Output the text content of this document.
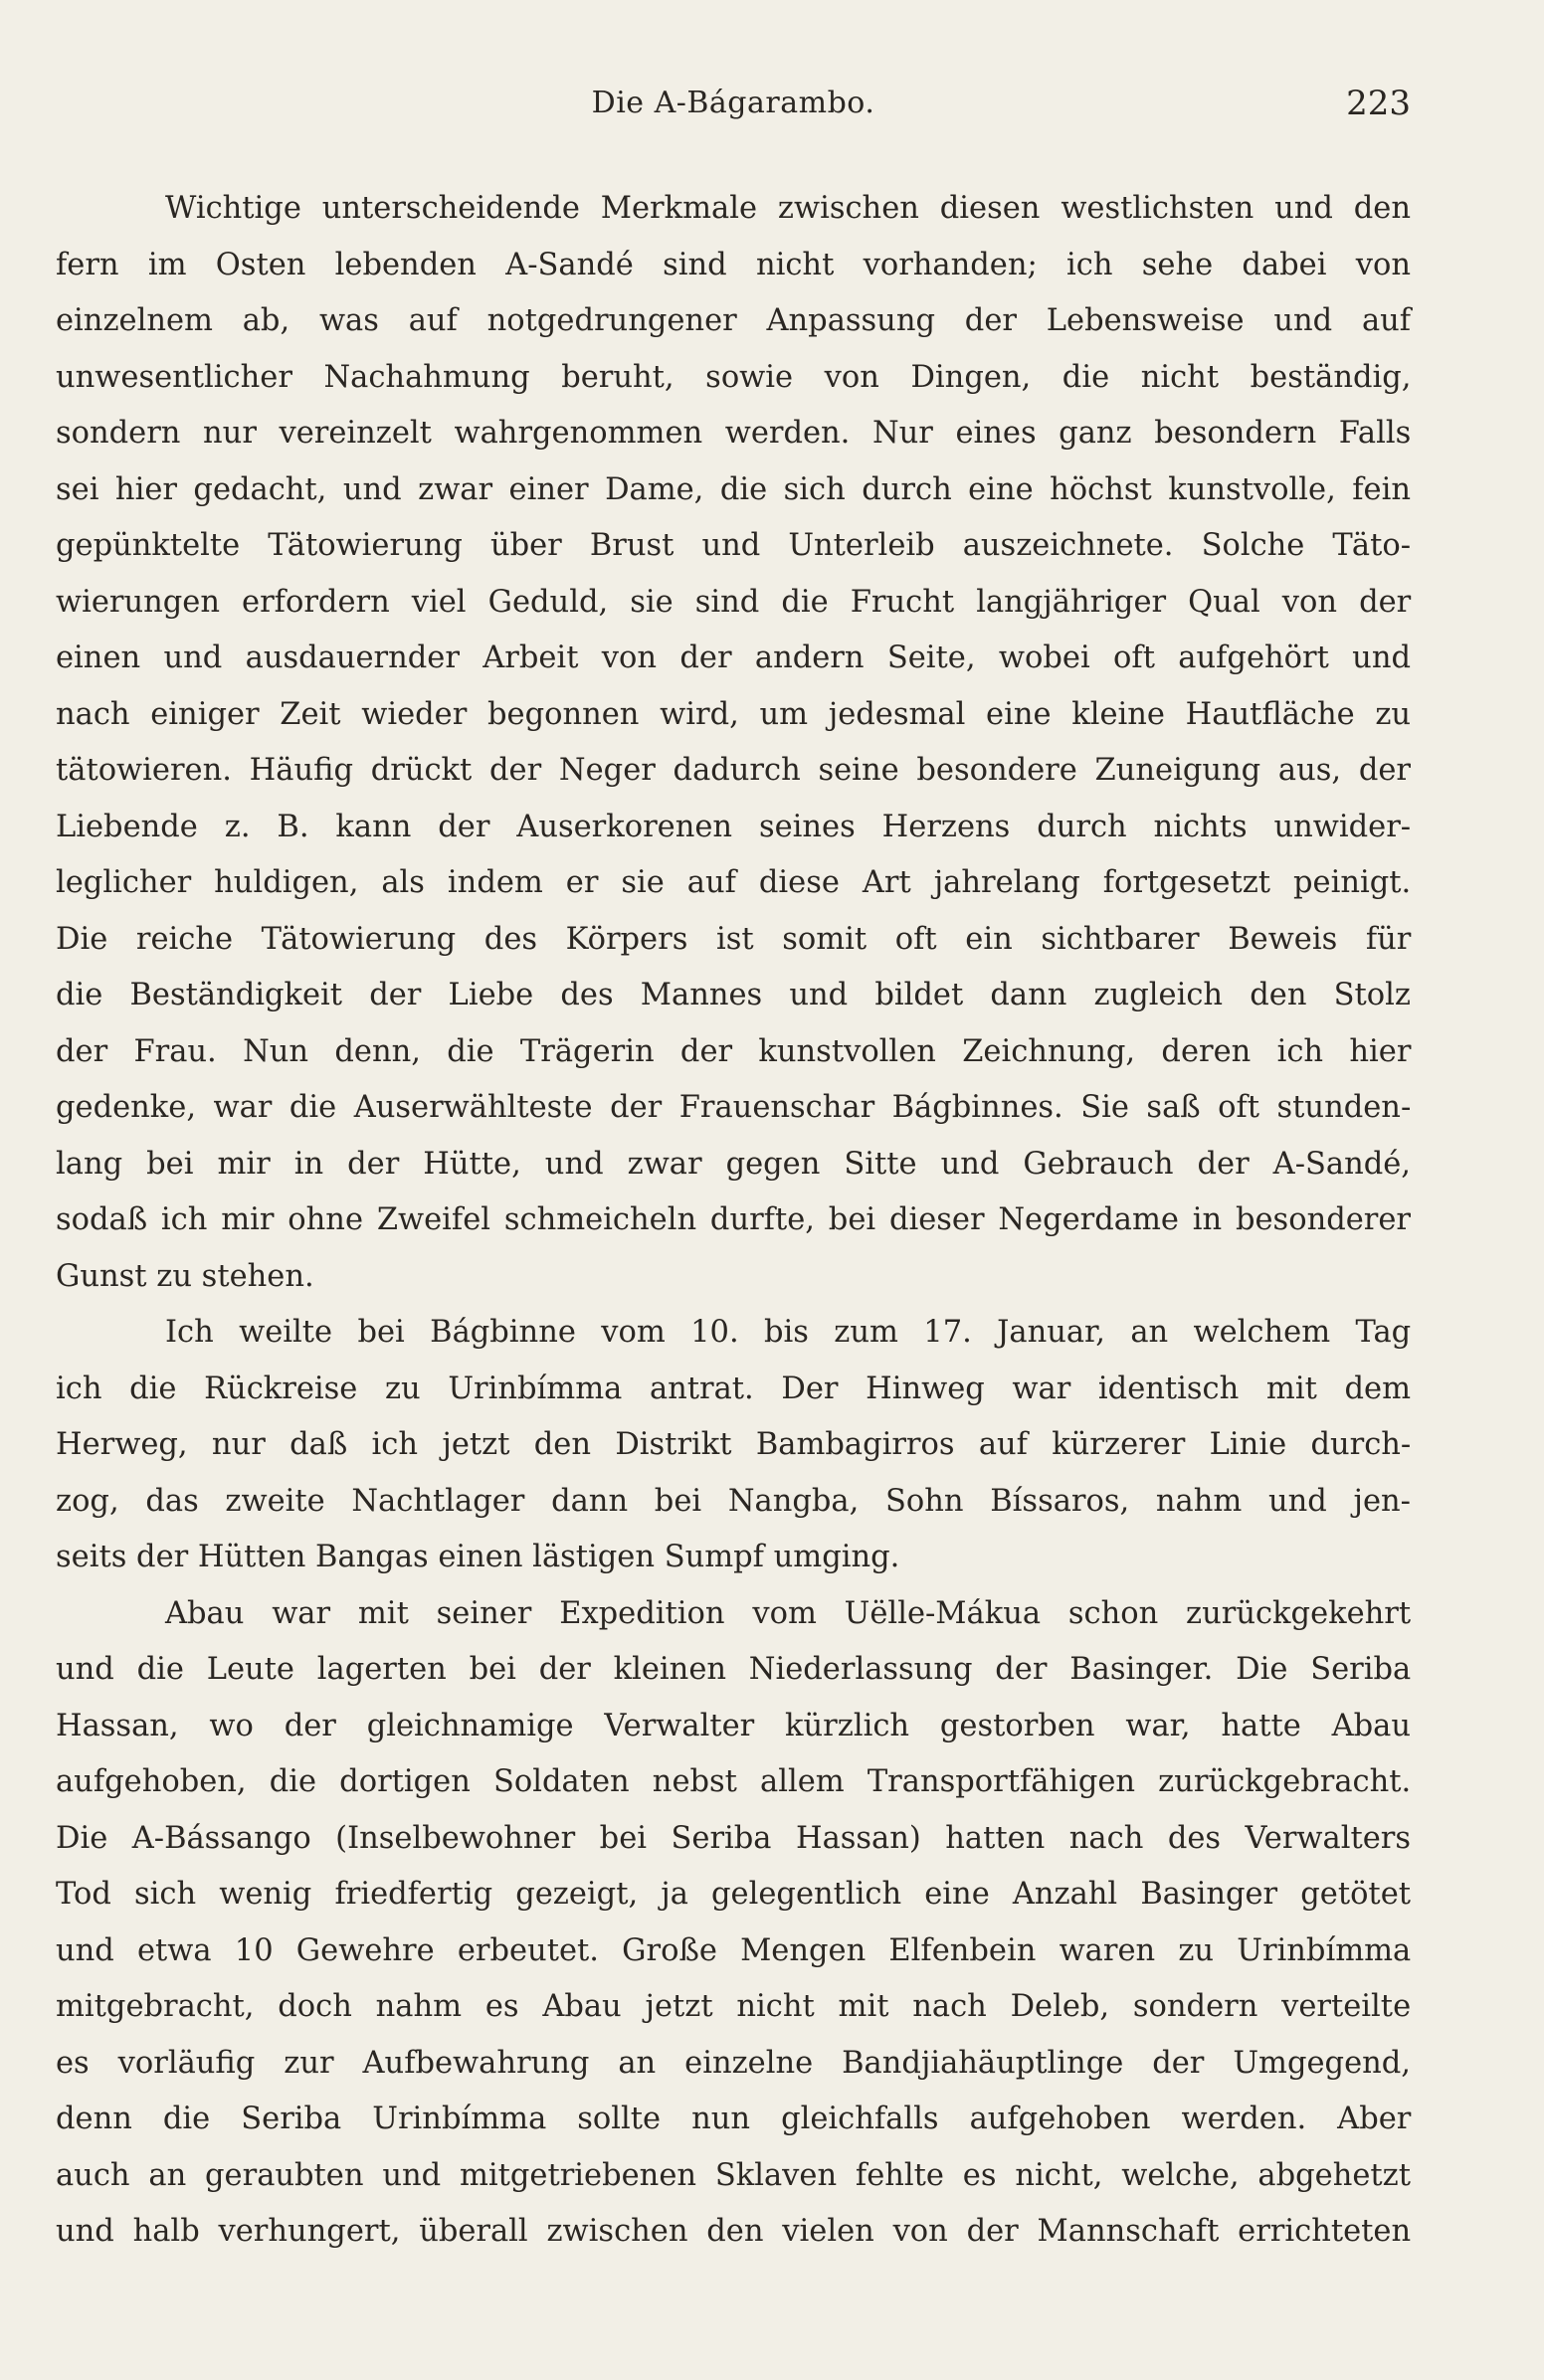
Die A-Bágarambo.	223
Wichtige unterscheidende Merkmale zwischen diesen westlichsten und den
fern im Osten lebenden A-Sandé sind nicht vorhanden; ich sehe dabei von
einzelnem ab, was auf notgedrungener Anpassung der Lebensweise und auf
unwesentlicher Nachahmung beruht, sowie von Dingen, die nicht beständig,
sondern nur vereinzelt wahrgenommen werden. Nur eines ganz besondern Falls
sei hier gedacht, und zwar einer Dame, die sich durch eine höchst kunstvolle, fein
gepünktelte Tätowierung über Brust und Unterleib auszeichnete. Solche Täto-
wierungen erfordern viel Geduld, sie sind die Frucht langjähriger Qual von der
einen und ausdauernder Arbeit von der andern Seite, wobei oft aufgehört und
nach einiger Zeit wieder begonnen wird, um jedesmal eine kleine Hautfläche zu
tätowieren. Häufig drückt der Neger dadurch seine besondere Zuneigung aus, der
Liebende z. B. kann der Auserkorenen seines Herzens durch nichts unwider-
leglicher huldigen, als indem er sie auf diese Art jahrelang fortgesetzt peinigt.
Die reiche Tätowierung des Körpers ist somit oft ein sichtbarer Beweis für
die Beständigkeit der Liebe des Mannes und bildet dann zugleich den Stolz
der Frau. Nun denn, die Trägerin der kunstvollen Zeichnung, deren ich hier
gedenke, war die Auserwählteste der Frauenschar Bágbinnes. Sie saß oft stunden-
lang bei mir in der Hütte, und zwar gegen Sitte und Gebrauch der A-Sandé,
sodaß ich mir ohne Zweifel schmeicheln durfte, bei dieser Negerdame in besonderer
Gunst zu stehen.
Ich weilte bei Bágbinne vom 10. bis zum 17. Januar, an welchem Tag
ich die Rückreise zu Urinbímma antrat. Der Hinweg war identisch mit dem
Herweg, nur daß ich jetzt den Distrikt Bambagirros auf kürzerer Linie durch-
zog, das zweite Nachtlager dann bei Nangba, Sohn Bíssaros, nahm und jen-
seits der Hütten Bangas einen lästigen Sumpf umging.
Abau war mit seiner Expedition vom Uëlle-Mákua schon zurückgekehrt
und die Leute lagerten bei der kleinen Niederlassung der Basinger. Die Seriba
Hassan, wo der gleichnamige Verwalter kürzlich gestorben war, hatte Abau
aufgehoben, die dortigen Soldaten nebst allem Transportfähigen zurückgebracht.
Die A-Bássango (Inselbewohner bei Seriba Hassan) hatten nach des Verwalters
Tod sich wenig friedfertig gezeigt, ja gelegentlich eine Anzahl Basinger getötet
und etwa 10 Gewehre erbeutet. Große Mengen Elfenbein waren zu Urinbímma
mitgebracht, doch nahm es Abau jetzt nicht mit nach Deleb, sondern verteilte
es vorläufig zur Aufbewahrung an einzelne Bandjiahäuptlinge der Umgegend,
denn die Seriba Urinbímma sollte nun gleichfalls aufgehoben werden. Aber
auch an geraubten und mitgetriebenen Sklaven fehlte es nicht, welche, abgehetzt
und halb verhungert, überall zwischen den vielen von der Mannschaft errichteten
